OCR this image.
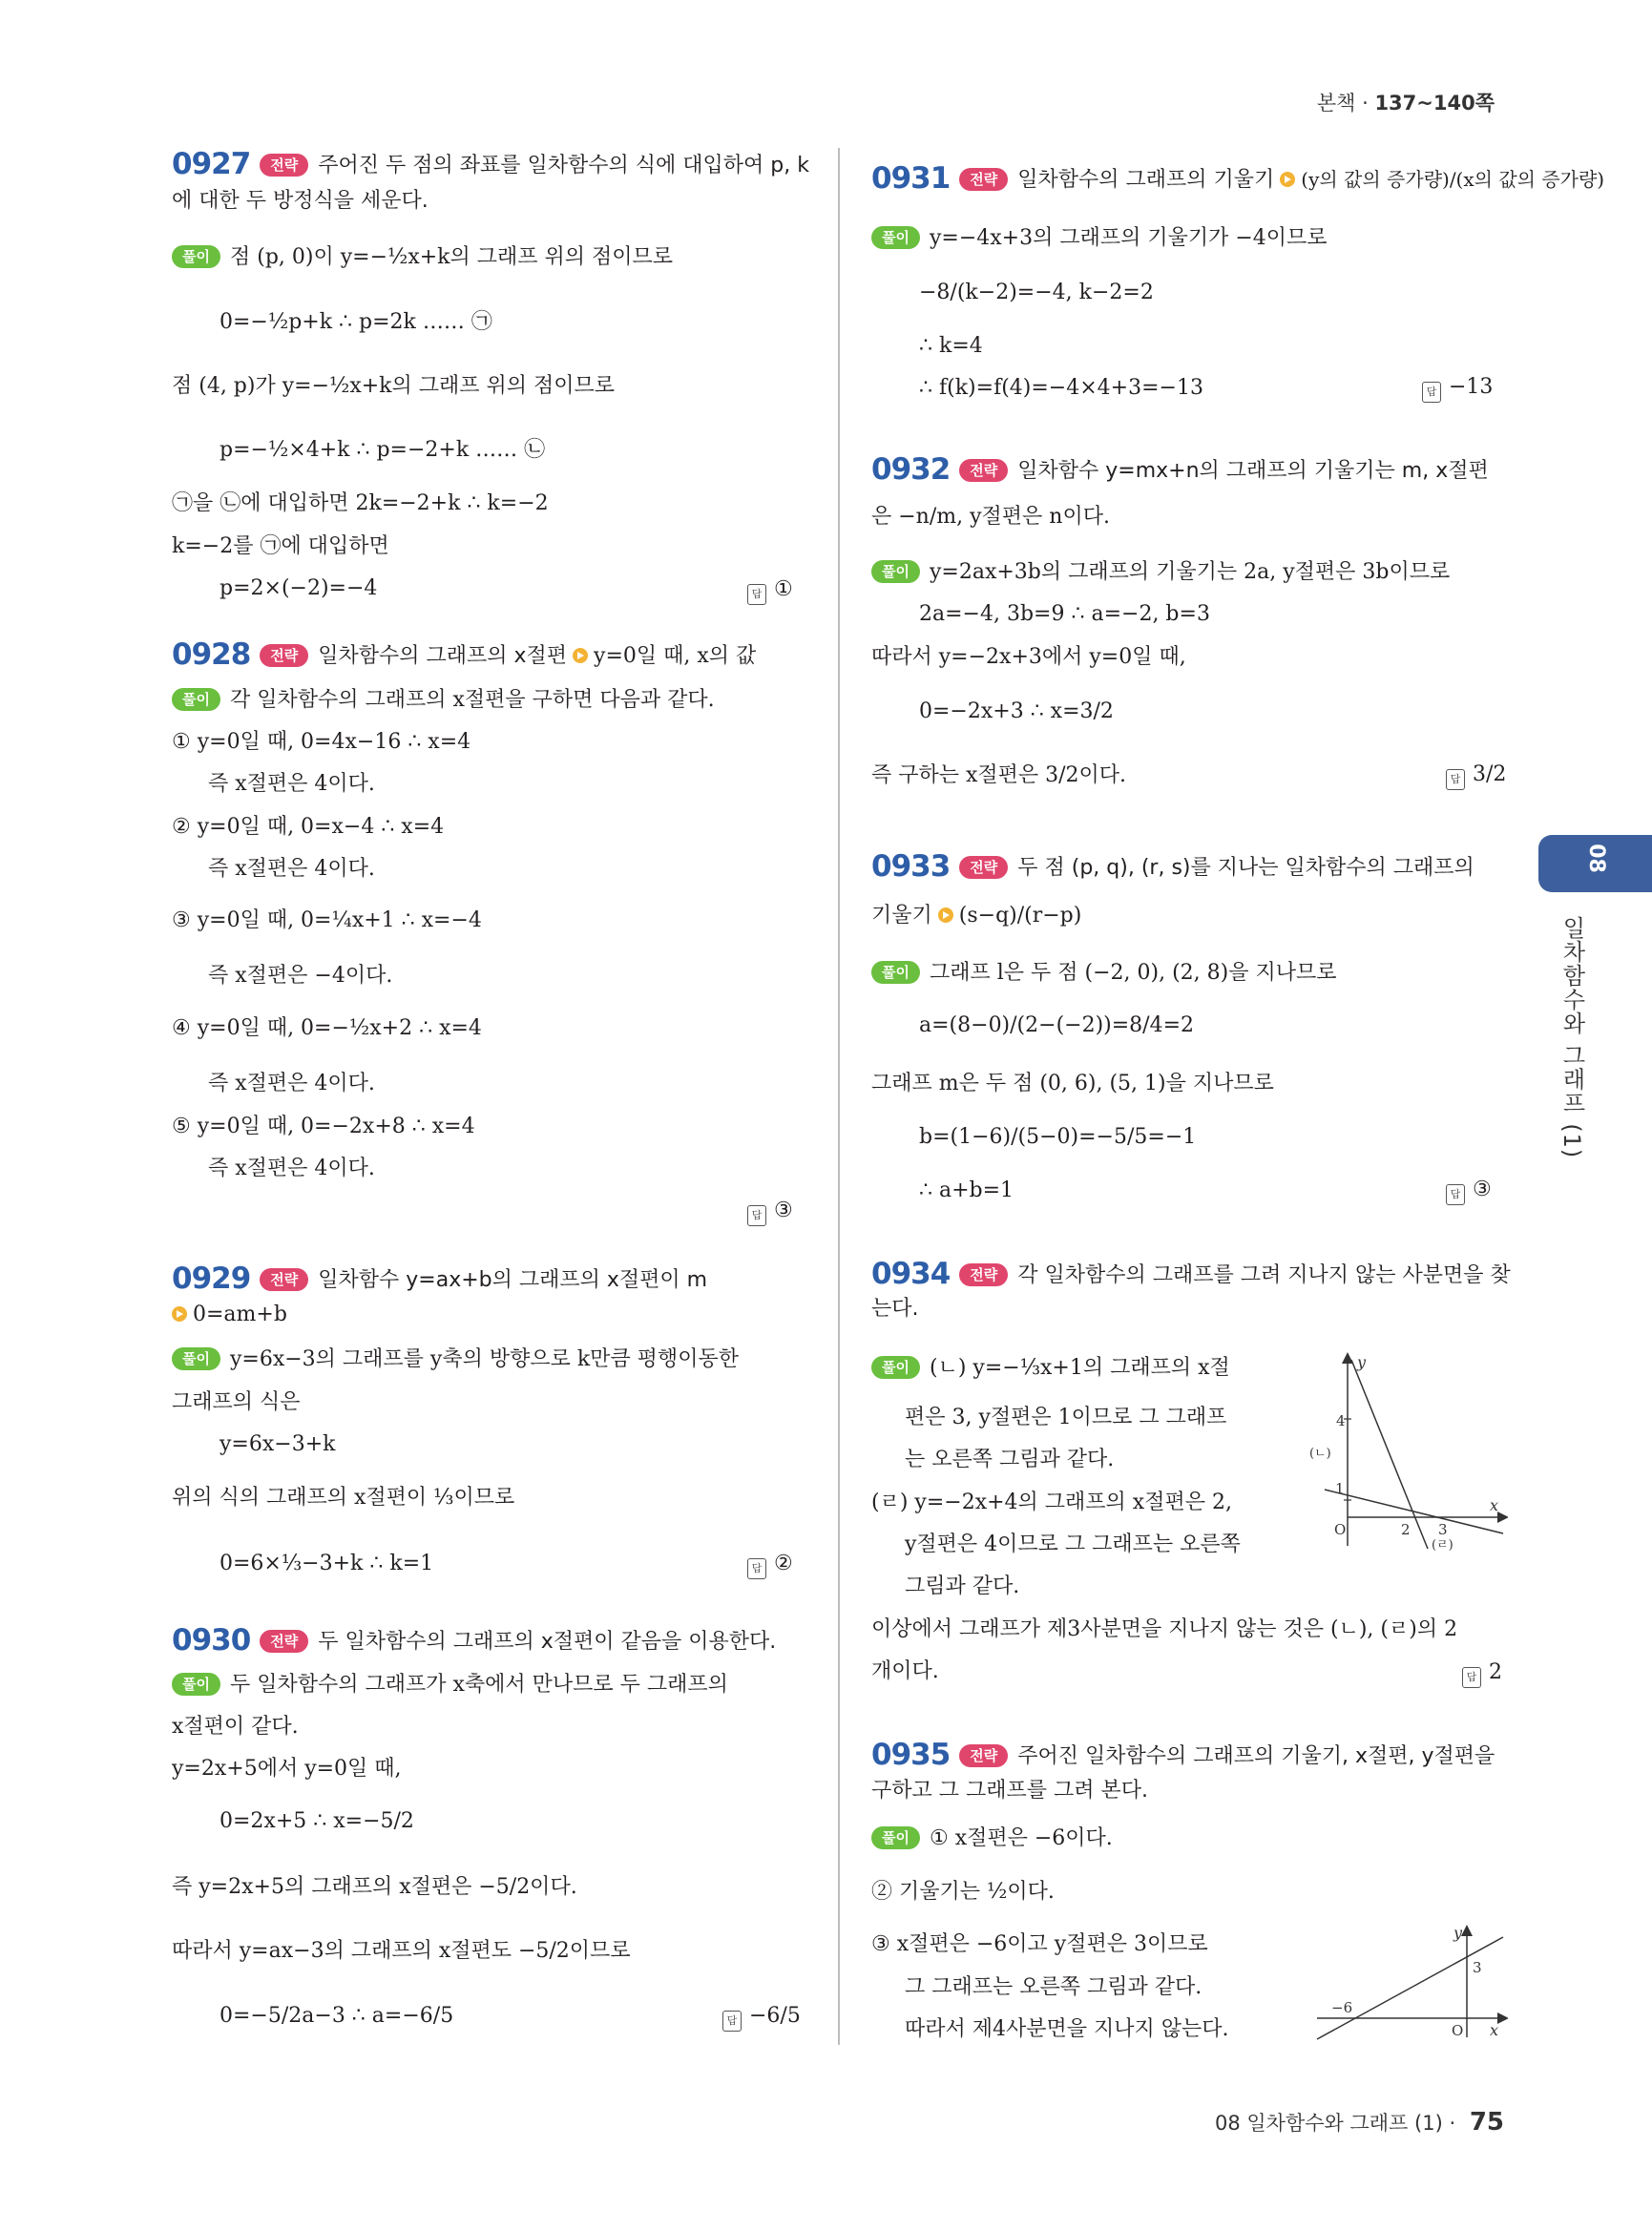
본책 · 137~140쪽
0927 전략 주어진 두 점의 좌표를 일차함수의 식에 대입하여 p, k
에 대한 두 방정식을 세운다.
풀이 점 (p, 0)이 y=−½x+k의 그래프 위의 점이므로
0=−½p+k ∴ p=2k …… ㉠
점 (4, p)가 y=−½x+k의 그래프 위의 점이므로
p=−½×4+k ∴ p=−2+k …… ㉡
㉠을 ㉡에 대입하면 2k=−2+k ∴ k=−2
k=−2를 ㉠에 대입하면
p=2×(−2)=−4	답 ①
0928 전략 일차함수의 그래프의 x절편 y=0일 때, x의 값
풀이 각 일차함수의 그래프의 x절편을 구하면 다음과 같다.
① y=0일 때, 0=4x−16 ∴ x=4
즉 x절편은 4이다.
② y=0일 때, 0=x−4 ∴ x=4
즉 x절편은 4이다.
③ y=0일 때, 0=¼x+1 ∴ x=−4
즉 x절편은 −4이다.
④ y=0일 때, 0=−½x+2 ∴ x=4
즉 x절편은 4이다.
⑤ y=0일 때, 0=−2x+8 ∴ x=4
즉 x절편은 4이다.
답 ③
0929 전략 일차함수 y=ax+b의 그래프의 x절편이 m
0=am+b
풀이 y=6x−3의 그래프를 y축의 방향으로 k만큼 평행이동한
그래프의 식은
y=6x−3+k
위의 식의 그래프의 x절편이 ⅓이므로
0=6×⅓−3+k ∴ k=1	답 ②
0930 전략 두 일차함수의 그래프의 x절편이 같음을 이용한다.
풀이 두 일차함수의 그래프가 x축에서 만나므로 두 그래프의
x절편이 같다.
y=2x+5에서 y=0일 때,
0=2x+5 ∴ x=−5/2
즉 y=2x+5의 그래프의 x절편은 −5/2이다.
따라서 y=ax−3의 그래프의 x절편도 −5/2이므로
0=−5/2a−3 ∴ a=−6/5	답 −6/5
0931 전략 일차함수의 그래프의 기울기 (y의 값의 증가량)/(x의 값의 증가량)
풀이 y=−4x+3의 그래프의 기울기가 −4이므로
−8/(k−2)=−4, k−2=2
∴ k=4
∴ f(k)=f(4)=−4×4+3=−13	답 −13
0932 전략 일차함수 y=mx+n의 그래프의 기울기는 m, x절편
은 −n/m, y절편은 n이다.
풀이 y=2ax+3b의 그래프의 기울기는 2a, y절편은 3b이므로
2a=−4, 3b=9 ∴ a=−2, b=3
따라서 y=−2x+3에서 y=0일 때,
0=−2x+3 ∴ x=3/2
즉 구하는 x절편은 3/2이다.	답 3/2
0933 전략 두 점 (p, q), (r, s)를 지나는 일차함수의 그래프의
기울기 (s−q)/(r−p)
풀이 그래프 l은 두 점 (−2, 0), (2, 8)을 지나므로
a=(8−0)/(2−(−2))=8/4=2
그래프 m은 두 점 (0, 6), (5, 1)을 지나므로
b=(1−6)/(5−0)=−5/5=−1
∴ a+b=1	답 ③
0934 전략 각 일차함수의 그래프를 그려 지나지 않는 사분면을 찾
는다.
풀이 (ㄴ) y=−⅓x+1의 그래프의 x절
편은 3, y절편은 1이므로 그 그래프
는 오른쪽 그림과 같다.
(ㄹ) y=−2x+4의 그래프의 x절편은 2,
y절편은 4이므로 그 그래프는 오른쪽
그림과 같다.
이상에서 그래프가 제3사분면을 지나지 않는 것은 (ㄴ), (ㄹ)의 2
개이다.	답 2
4
1
O	2 3
x
y
(ㄴ)
(ㄹ)
0935 전략 주어진 일차함수의 그래프의 기울기, x절편, y절편을
구하고 그 그래프를 그려 본다.
풀이 ① x절편은 −6이다.
② 기울기는 ½이다.
③ x절편은 −6이고 y절편은 3이므로
그 그래프는 오른쪽 그림과 같다.
따라서 제4사분면을 지나지 않는다.
−6
3
O x
y
08
일차함수와 그래프 (1)
08 일차함수와 그래프 (1) · 75
